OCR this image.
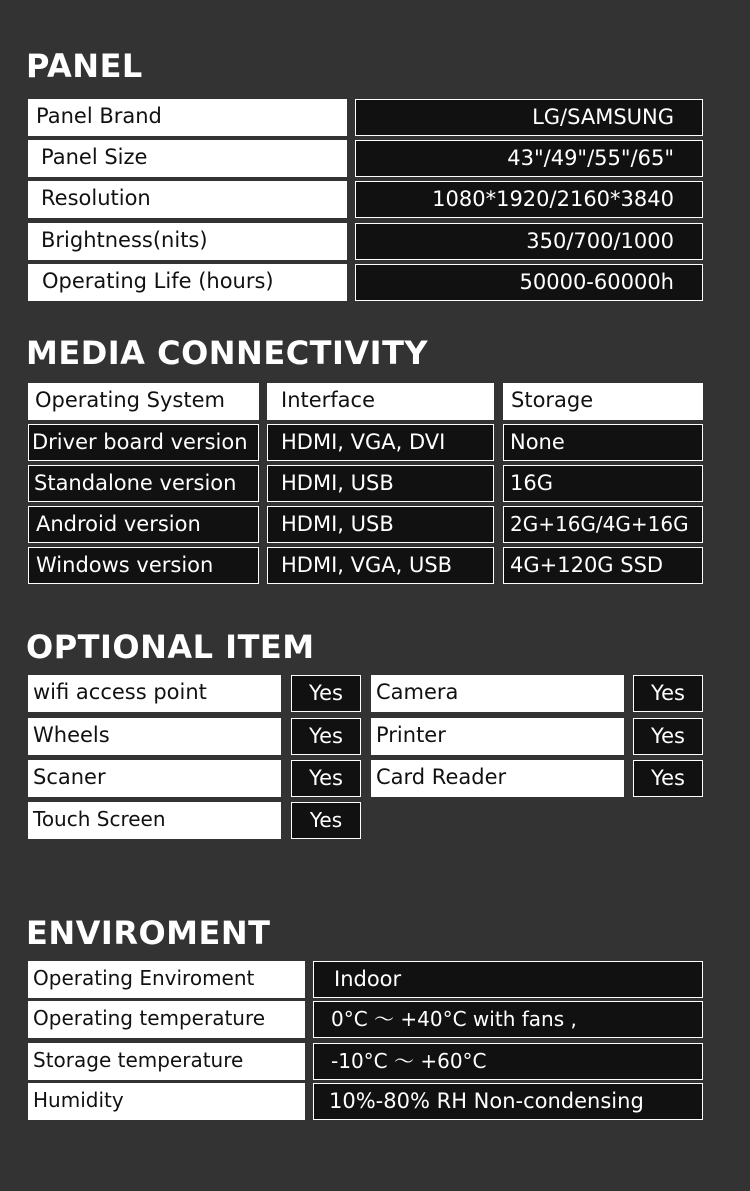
PANEL
Panel Brand	LG/SAMSUNG
Panel Size	43"/49"/55"/65"
Resolution	1080*1920/2160*3840
Brightness(nits)	350/700/1000
Operating Life (hours)	50000-60000h
MEDIA CONNECTIVITY
Operating System	Interface	Storage
Driver board version	HDMI, VGA, DVI	None
Standalone version	HDMI, USB	16G
Android version	HDMI, USB	2G+16G/4G+16G
Windows version	HDMI, VGA, USB	4G+120G SSD
OPTIONAL ITEM
wifi access point	Yes	Camera	Yes
Wheels	Yes	Printer	Yes
Scaner	Yes	Card Reader	Yes
Touch Screen	Yes
ENVIROMENT
Operating Enviroment	Indoor
Operating temperature	0°C ～ +40°C with fans ,
Storage temperature	-10°C ～ +60°C
Humidity	10%-80% RH Non-condensing
